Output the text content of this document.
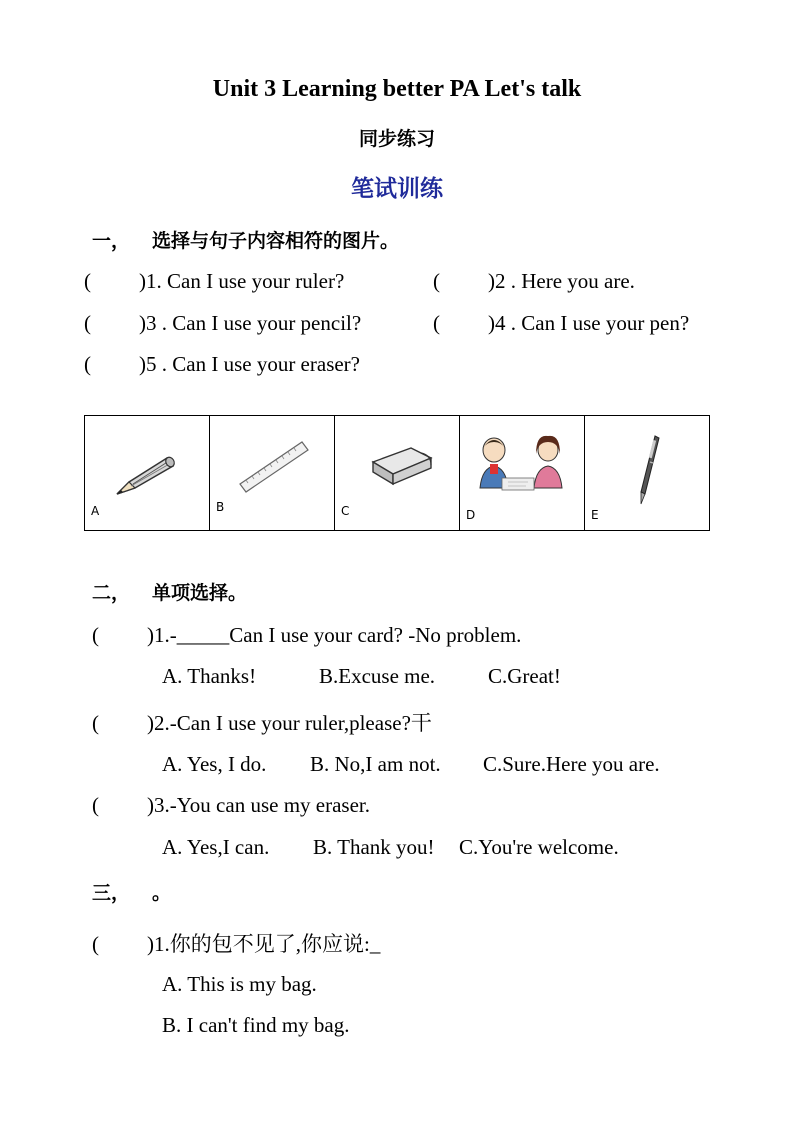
Unit 3 Learning better PA Let's talk
同步练习
笔试训练
一， 选择与句子内容相符的图片。
( )1. Can I use your ruler?	( )2 . Here you are.
( )3 . Can I use your pencil?	( )4 . Can I use your pen?
( )5 . Can I use your eraser?
A	B	C	D	E
二， 单项选择。
( )1.-_____Can I use your card? -No problem.
A. Thanks!	B.Excuse me.	C.Great!
( )2.-Can I use your ruler,please?干
A. Yes, I do. B. No,I am not. C.Sure.Here you are.
( )3.-You can use my eraser.
A. Yes,I can. B. Thank you! C.You're welcome.
三， 。
( )1.你的包不见了,你应说:_
A. This is my bag.
B. I can't find my bag.
